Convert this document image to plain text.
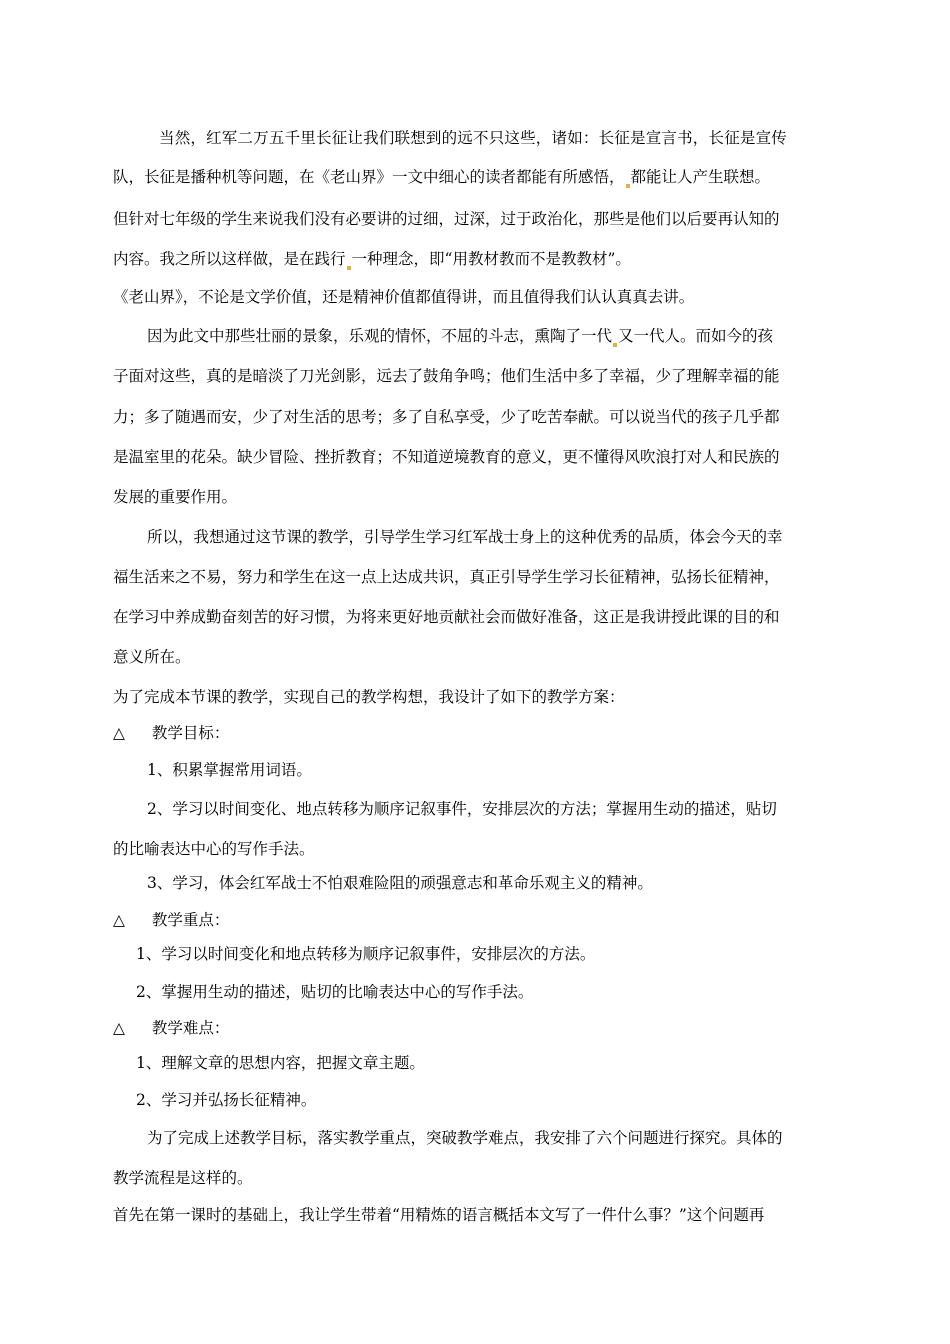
当然，红军二万五千里长征让我们联想到的远不只这些，诸如：长征是宣言书，长征是宣传
队，长征是播种机等问题，在《老山界》一文中细心的读者都能有所感悟， 都能让人产生联想。
但针对七年级的学生来说我们没有必要讲的过细，过深，过于政治化，那些是他们以后要再认知的
内容。我之所以这样做，是在践行 一种理念，即“用教材教而不是教教材”。
《老山界》，不论是文学价值，还是精神价值都值得讲，而且值得我们认认真真去讲。
因为此文中那些壮丽的景象，乐观的情怀，不屈的斗志，熏陶了一代 又一代人。而如今的孩
子面对这些，真的是暗淡了刀光剑影，远去了鼓角争鸣；他们生活中多了幸福，少了理解幸福的能
力；多了随遇而安，少了对生活的思考；多了自私享受，少了吃苦奉献。可以说当代的孩子几乎都
是温室里的花朵。缺少冒险、挫折教育；不知道逆境教育的意义，更不懂得风吹浪打对人和民族的
发展的重要作用。
所以，我想通过这节课的教学，引导学生学习红军战士身上的这种优秀的品质，体会今天的幸
福生活来之不易，努力和学生在这一点上达成共识，真正引导学生学习长征精神，弘扬长征精神，
在学习中养成勤奋刻苦的好习惯，为将来更好地贡献社会而做好准备，这正是我讲授此课的目的和
意义所在。
为了完成本节课的教学，实现自己的教学构想，我设计了如下的教学方案：
△ 教学目标：
1、积累掌握常用词语。
2、学习以时间变化、地点转移为顺序记叙事件，安排层次的方法；掌握用生动的描述，贴切
的比喻表达中心的写作手法。
3、学习，体会红军战士不怕艰难险阻的顽强意志和革命乐观主义的精神。
△ 教学重点：
1、学习以时间变化和地点转移为顺序记叙事件，安排层次的方法。
2、掌握用生动的描述，贴切的比喻表达中心的写作手法。
△ 教学难点：
1、理解文章的思想内容，把握文章主题。
2、学习并弘扬长征精神。
为了完成上述教学目标，落实教学重点，突破教学难点，我安排了六个问题进行探究。具体的
教学流程是这样的。
首先在第一课时的基础上，我让学生带着“用精炼的语言概括本文写了一件什么事？”这个问题再
